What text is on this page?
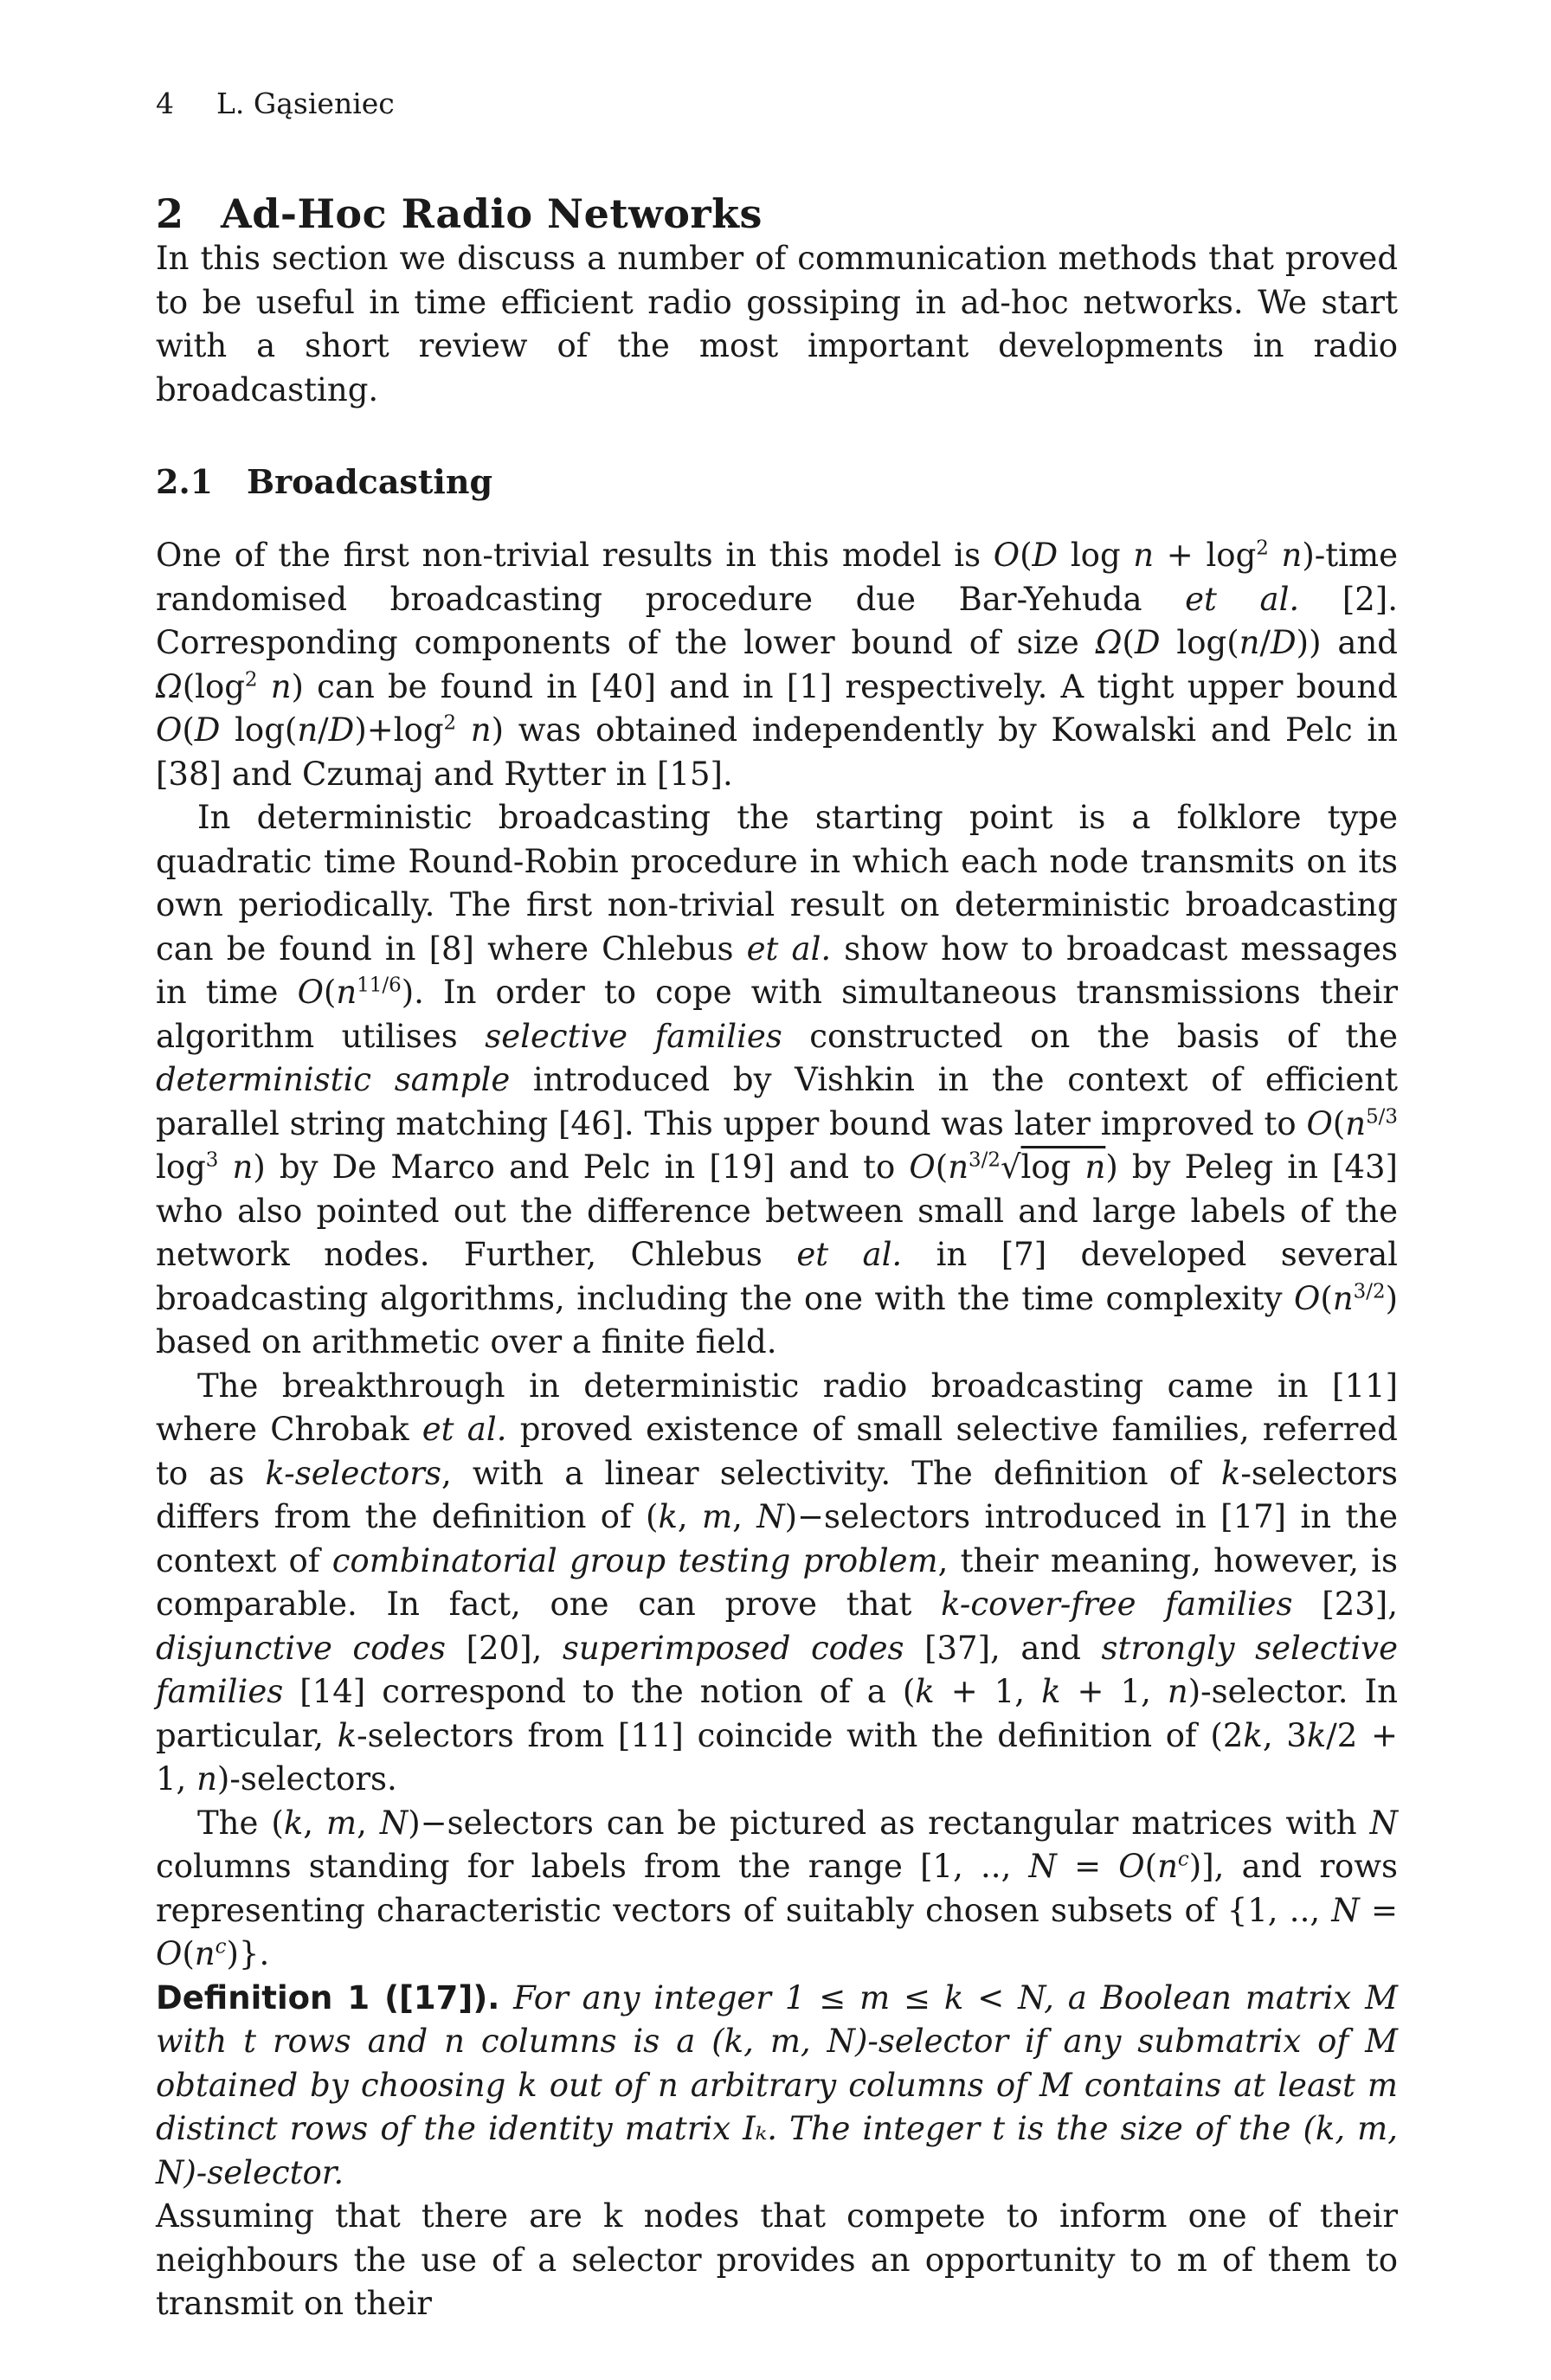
4	L. Gąsieniec
2 Ad-Hoc Radio Networks

In this section we discuss a number of communication methods that proved to be useful in time efficient radio gossiping in ad-hoc networks. We start with a short review of the most important developments in radio broadcasting.

2.1 Broadcasting

One of the first non-trivial results in this model is O(D $\log n + \log^2$ n)-time randomised broadcasting procedure due Bar-Yehuda et al. [2]. Corresponding components of the lower bound of size Ω(D log(n/D)) and $\Omega(\log^2$ n) can be found in [40] and in [1] respectively. A tight upper bound O(D $\log(n/D)+\log^2$ n) was obtained independently by Kowalski and Pelc in [38] and Czumaj and Rytter in [15].

In deterministic broadcasting the starting point is a folklore type quadratic time Round-Robin procedure in which each node transmits on its own periodically. The first non-trivial result on deterministic broadcasting can be found in [8] where Chlebus et al. show how to broadcast messages in time $O(n^{11/6})$. In order to cope with simultaneous transmissions their algorithm utilises selective families constructed on the basis of the deterministic sample introduced by Vishkin in the context of efficient parallel string matching [46]. This upper bound was later improved to $O(n^{5/3}$ $\log^3 n$) by De Marco and Pelc in [19] and to $O(n^{3/2}√\log$ n) by Peleg in [43] who also pointed out the difference between small and large labels of the network nodes. Further, Chlebus et al. in [7] developed several broadcasting algorithms, including the one with the time complexity $O(n^{3/2})$ based on arithmetic over a finite field.

The breakthrough in deterministic radio broadcasting came in [11] where Chrobak et al. proved existence of small selective families, referred to as k-selectors, with a linear selectivity. The definition of k-selectors differs from the definition of (k, m, N)−selectors introduced in [17] in the context of combinatorial group testing problem, their meaning, however, is comparable. In fact, one can prove that k-cover-free families [23], disjunctive codes [20], superimposed codes [37], and strongly selective families [14] correspond to the notion of a (k + 1, k + 1, n)-selector. In particular, k-selectors from [11] coincide with the definition of (2k, 3k/2 + 1, n)-selectors.

The (k, m, N)−selectors can be pictured as rectangular matrices with N columns standing for labels from the range [1, .., $N = O(n^c)$], and rows representing characteristic vectors of suitably chosen subsets of {1, .., $N = O(n^c)$}.

Definition 1 ([17]). For any integer 1 ≤ m ≤ k < N, a Boolean matrix M with t rows and n columns is a (k, m, N)-selector if any submatrix of M obtained by choosing k out of n arbitrary columns of M contains at least m distinct rows of the identity matrix Iₖ. The integer t is the size of the (k, m, N)-selector.

Assuming that there are k nodes that compete to inform one of their neighbours the use of a selector provides an opportunity to m of them to transmit on their
